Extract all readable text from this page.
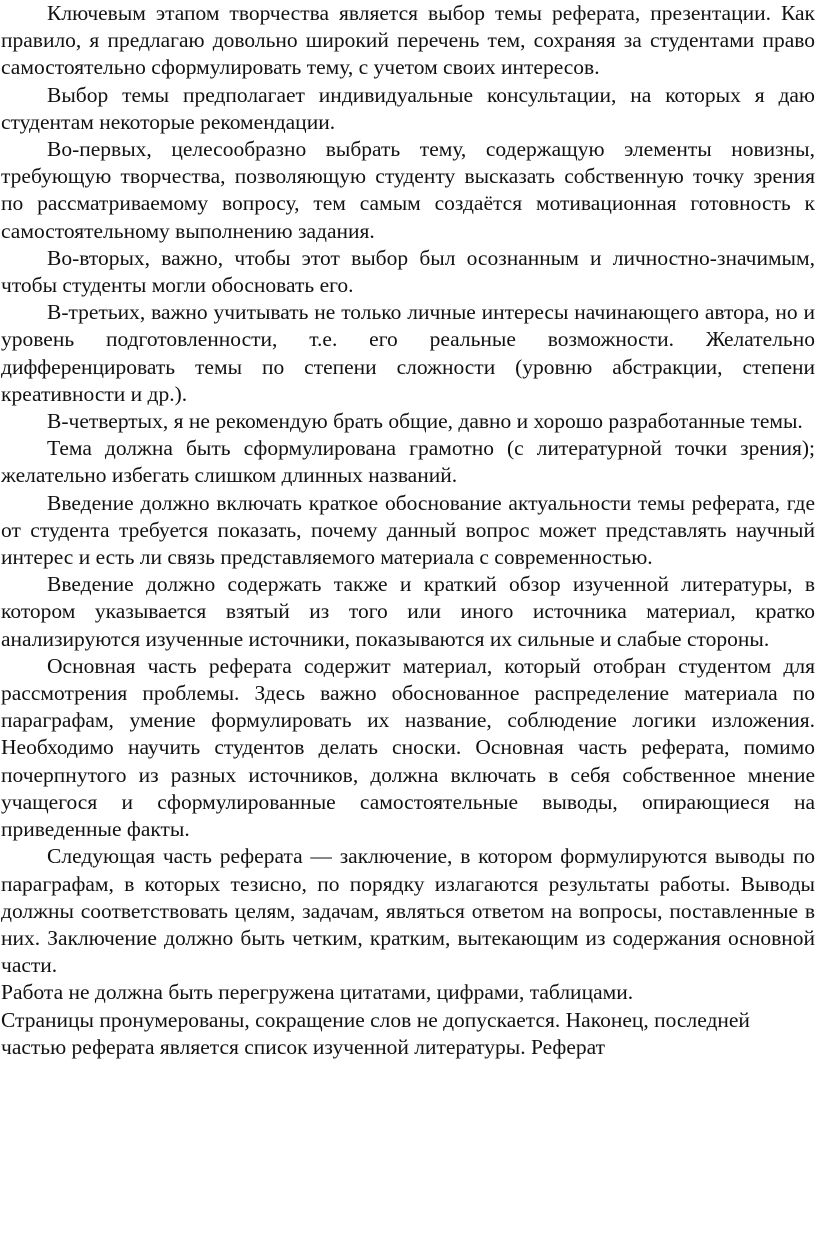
Ключевым этапом творчества является выбор темы реферата, презентации. Как правило, я предлагаю довольно широкий перечень тем, сохраняя за студентами право самостоятельно сформулировать тему, с учетом своих интересов.

Выбор темы предполагает индивидуальные консультации, на которых я даю студентам некоторые рекомендации.

Во-первых, целесообразно выбрать тему, содержащую элементы новизны, требующую творчества, позволяющую студенту высказать собственную точку зрения по рассматриваемому вопросу, тем самым создаётся мотивационная готовность к самостоятельному выполнению задания.

Во-вторых, важно, чтобы этот выбор был осознанным и личностно-значимым, чтобы студенты могли обосновать его.

В-третьих, важно учитывать не только личные интересы начинающего автора, но и уровень подготовленности, т.е. его реальные возможности. Желательно дифференцировать темы по степени сложности (уровню абстракции, степени креативности и др.).

В-четвертых, я не рекомендую брать общие, давно и хорошо разработанные темы.

Тема должна быть сформулирована грамотно (с литературной точки зрения); желательно избегать слишком длинных названий.

Введение должно включать краткое обоснование актуальности темы реферата, где от студента требуется показать, почему данный вопрос может представлять научный интерес и есть ли связь представляемого материала с современностью.

Введение должно содержать также и краткий обзор изученной литературы, в котором указывается взятый из того или иного источника материал, кратко анализируются изученные источники, показываются их сильные и слабые стороны.

Основная часть реферата содержит материал, который отобран студентом для рассмотрения проблемы. Здесь важно обоснованное распределение материала по параграфам, умение формулировать их название, соблюдение логики изложения. Необходимо научить студентов делать сноски. Основная часть реферата, помимо почерпнутого из разных источников, должна включать в себя собственное мнение учащегося и сформулированные самостоятельные выводы, опирающиеся на приведенные факты.

Следующая часть реферата — заключение, в котором формулируются выводы по параграфам, в которых тезисно, по порядку излагаются результаты работы. Выводы должны соответствовать целям, задачам, являться ответом на вопросы, поставленные в них. Заключение должно быть четким, кратким, вытекающим из содержания основной части.

Работа не должна быть перегружена цитатами, цифрами, таблицами.

Страницы пронумерованы, сокращение слов не допускается. Наконец, последней частью реферата является список изученной литературы. Реферат
